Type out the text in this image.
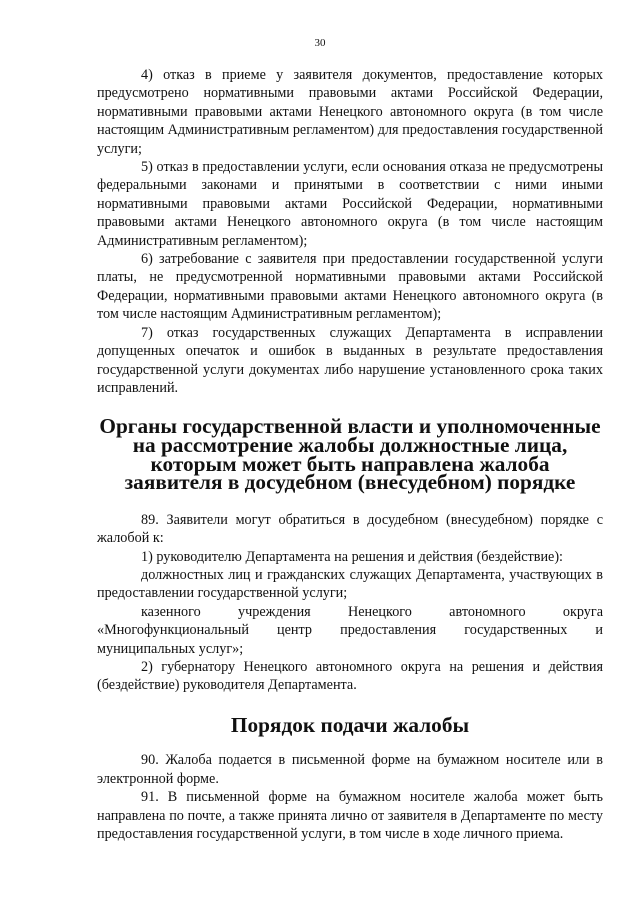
30

4) отказ в приеме у заявителя документов, предоставление которых предусмотрено нормативными правовыми актами Российской Федерации, нормативными правовыми актами Ненецкого автономного округа (в том числе настоящим Административным регламентом) для предоставления государственной услуги;

5) отказ в предоставлении услуги, если основания отказа не предусмотрены федеральными законами и принятыми в соответствии с ними иными нормативными правовыми актами Российской Федерации, нормативными правовыми актами Ненецкого автономного округа (в том числе настоящим Административным регламентом);

6) затребование с заявителя при предоставлении государственной услуги платы, не предусмотренной нормативными правовыми актами Российской Федерации, нормативными правовыми актами Ненецкого автономного округа (в том числе настоящим Административным регламентом);

7) отказ государственных служащих Департамента в исправлении допущенных опечаток и ошибок в выданных в результате предоставления государственной услуги документах либо нарушение установленного срока таких исправлений.

Органы государственной власти и уполномоченные
на рассмотрение жалобы должностные лица,
которым может быть направлена жалоба
заявителя в досудебном (внесудебном) порядке

89. Заявители могут обратиться в досудебном (внесудебном) порядке с жалобой к:

1) руководителю Департамента на решения и действия (бездействие):

должностных лиц и гражданских служащих Департамента, участвующих в предоставлении государственной услуги;

казенного учреждения Ненецкого автономного округа «Многофункциональный центр предоставления государственных и муниципальных услуг»;

2) губернатору Ненецкого автономного округа на решения и действия (бездействие) руководителя Департамента.

Порядок подачи жалобы

90. Жалоба подается в письменной форме на бумажном носителе или в электронной форме.

91. В письменной форме на бумажном носителе жалоба может быть направлена по почте, а также принята лично от заявителя в Департаменте по месту предоставления государственной услуги, в том числе в ходе личного приема.
